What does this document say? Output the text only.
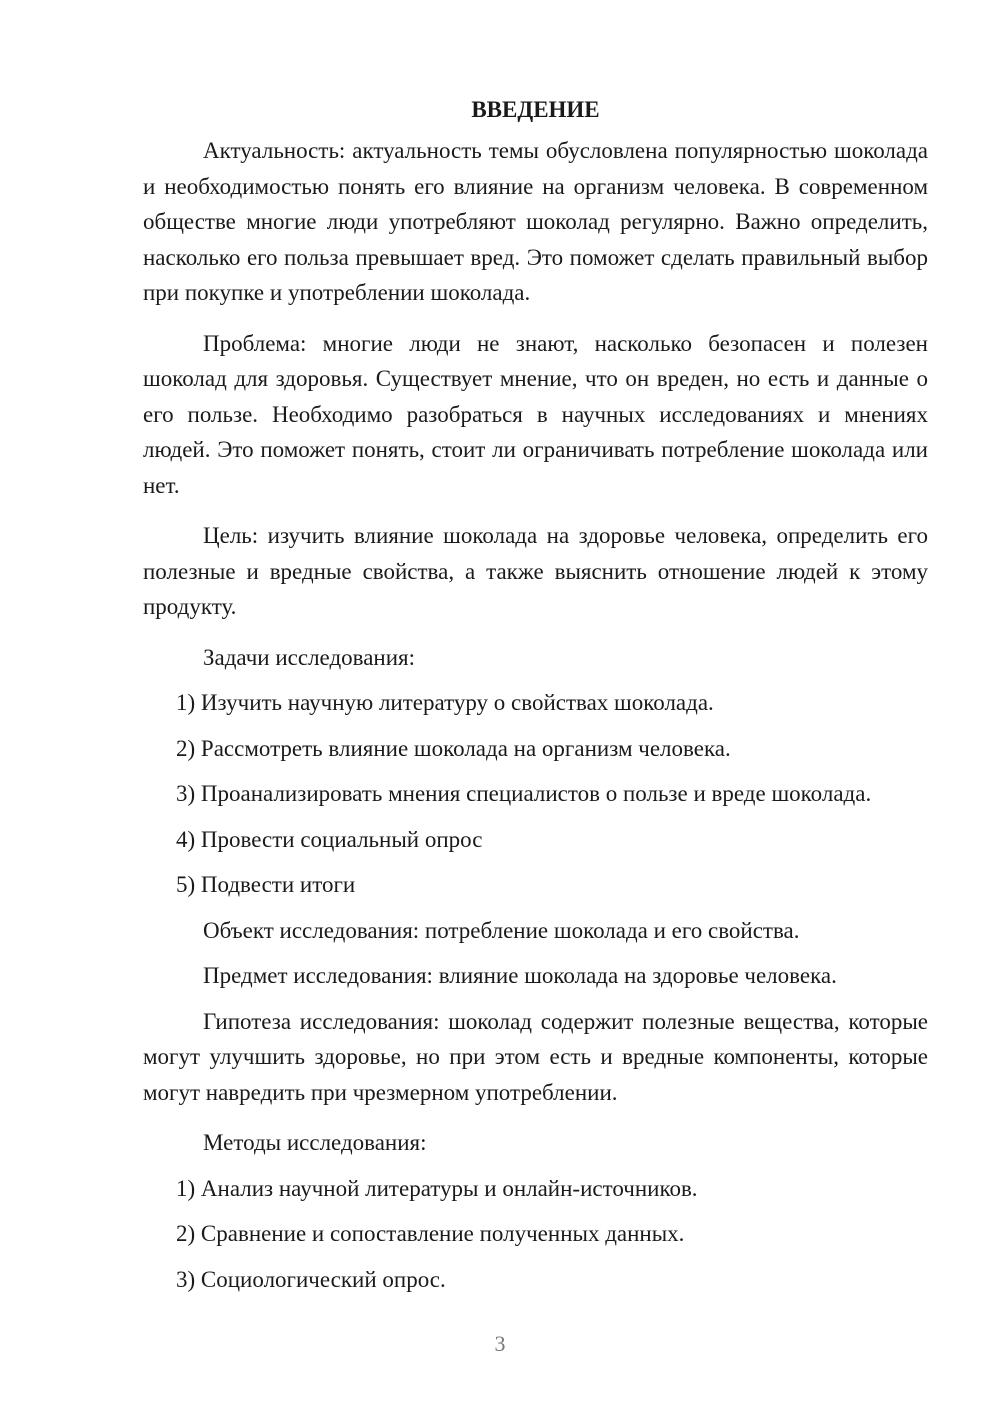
ВВЕДЕНИЕ

Актуальность: актуальность темы обусловлена популярностью шоколада и необходимостью понять его влияние на организм человека. В современном обществе многие люди употребляют шоколад регулярно. Важно определить, насколько его польза превышает вред. Это поможет сделать правильный выбор при покупке и употреблении шоколада.

Проблема: многие люди не знают, насколько безопасен и полезен шоколад для здоровья. Существует мнение, что он вреден, но есть и данные о его пользе. Необходимо разобраться в научных исследованиях и мнениях людей. Это поможет понять, стоит ли ограничивать потребление шоколада или нет.

Цель: изучить влияние шоколада на здоровье человека, определить его полезные и вредные свойства, а также выяснить отношение людей к этому продукту.

Задачи исследования:
1) Изучить научную литературу о свойствах шоколада.
2) Рассмотреть влияние шоколада на организм человека.
3) Проанализировать мнения специалистов о пользе и вреде шоколада.
4) Провести социальный опрос
5) Подвести итоги
Объект исследования: потребление шоколада и его свойства.
Предмет исследования: влияние шоколада на здоровье человека.

Гипотеза исследования: шоколад содержит полезные вещества, которые могут улучшить здоровье, но при этом есть и вредные компоненты, которые могут навредить при чрезмерном употреблении.

Методы исследования:
1) Анализ научной литературы и онлайн-источников.
2) Сравнение и сопоставление полученных данных.
3) Социологический опрос.
3
